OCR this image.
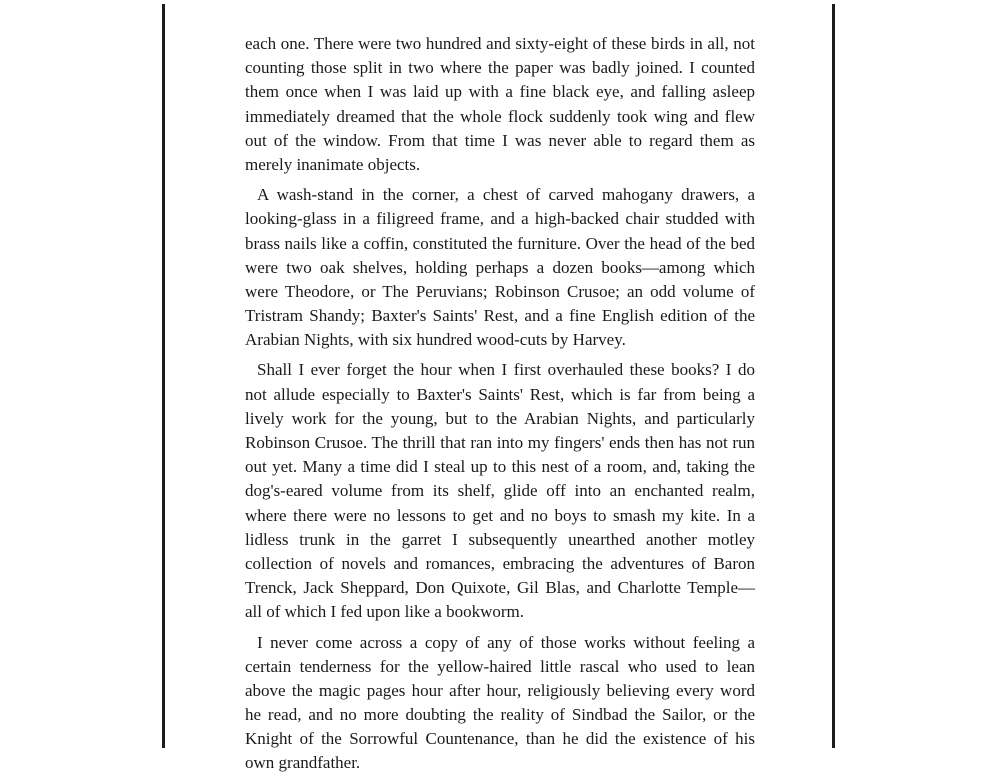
each one. There were two hundred and sixty-eight of these birds in all, not
counting those split in two where the paper was badly joined. I counted
them once when I was laid up with a fine black eye, and falling asleep
immediately dreamed that the whole flock suddenly took wing and flew
out of the window. From that time I was never able to regard them as
merely inanimate objects.

A wash-stand in the corner, a chest of carved mahogany drawers, a
looking-glass in a filigreed frame, and a high-backed chair studded with
brass nails like a coffin, constituted the furniture. Over the head of the bed
were two oak shelves, holding perhaps a dozen books—among which
were Theodore, or The Peruvians; Robinson Crusoe; an odd volume of
Tristram Shandy; Baxter's Saints' Rest, and a fine English edition of the
Arabian Nights, with six hundred wood-cuts by Harvey.

Shall I ever forget the hour when I first overhauled these books? I do
not allude especially to Baxter's Saints' Rest, which is far from being a
lively work for the young, but to the Arabian Nights, and particularly
Robinson Crusoe. The thrill that ran into my fingers' ends then has not run
out yet. Many a time did I steal up to this nest of a room, and, taking the
dog's-eared volume from its shelf, glide off into an enchanted realm,
where there were no lessons to get and no boys to smash my kite. In a
lidless trunk in the garret I subsequently unearthed another motley
collection of novels and romances, embracing the adventures of Baron
Trenck, Jack Sheppard, Don Quixote, Gil Blas, and Charlotte Temple—
all of which I fed upon like a bookworm.

I never come across a copy of any of those works without feeling a
certain tenderness for the yellow-haired little rascal who used to lean
above the magic pages hour after hour, religiously believing every word
he read, and no more doubting the reality of Sindbad the Sailor, or the
Knight of the Sorrowful Countenance, than he did the existence of his
own grandfather.
